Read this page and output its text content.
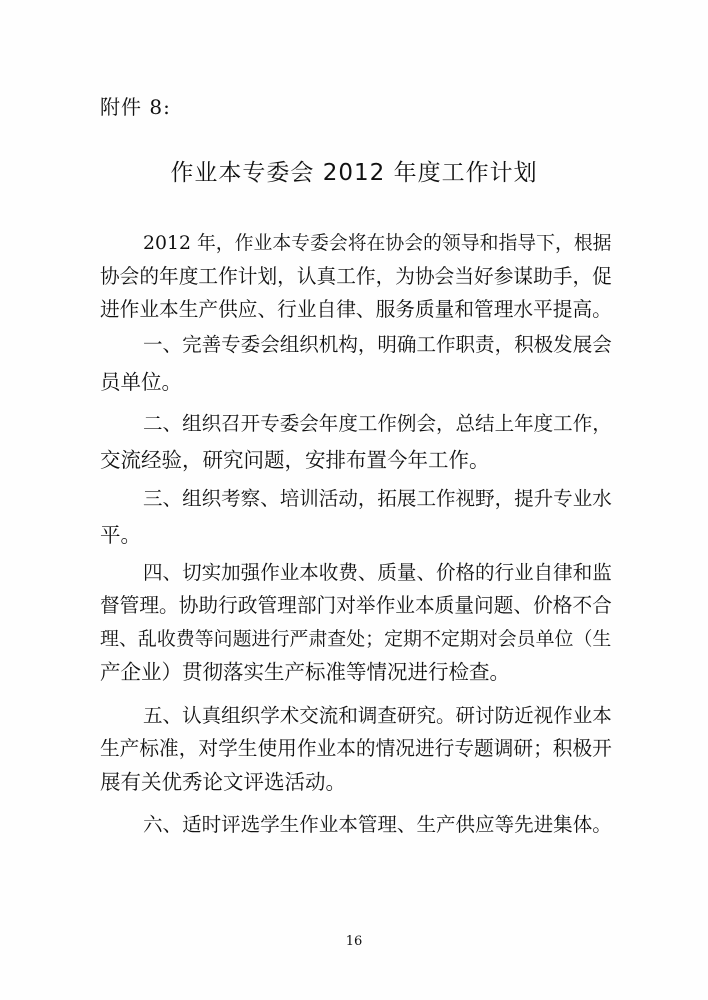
附件 8:
作业本专委会 2012 年度工作计划
2012 年，作业本专委会将在协会的领导和指导下，根据
协会的年度工作计划，认真工作，为协会当好参谋助手，促
进作业本生产供应、行业自律、服务质量和管理水平提高。
一、完善专委会组织机构，明确工作职责，积极发展会
员单位。
二、组织召开专委会年度工作例会，总结上年度工作，
交流经验，研究问题，安排布置今年工作。
三、组织考察、培训活动，拓展工作视野，提升专业水
平。
四、切实加强作业本收费、质量、价格的行业自律和监
督管理。协助行政管理部门对举作业本质量问题、价格不合
理、乱收费等问题进行严肃查处；定期不定期对会员单位（生
产企业）贯彻落实生产标准等情况进行检查。
五、认真组织学术交流和调查研究。研讨防近视作业本
生产标准，对学生使用作业本的情况进行专题调研；积极开
展有关优秀论文评选活动。
六、适时评选学生作业本管理、生产供应等先进集体。
16
